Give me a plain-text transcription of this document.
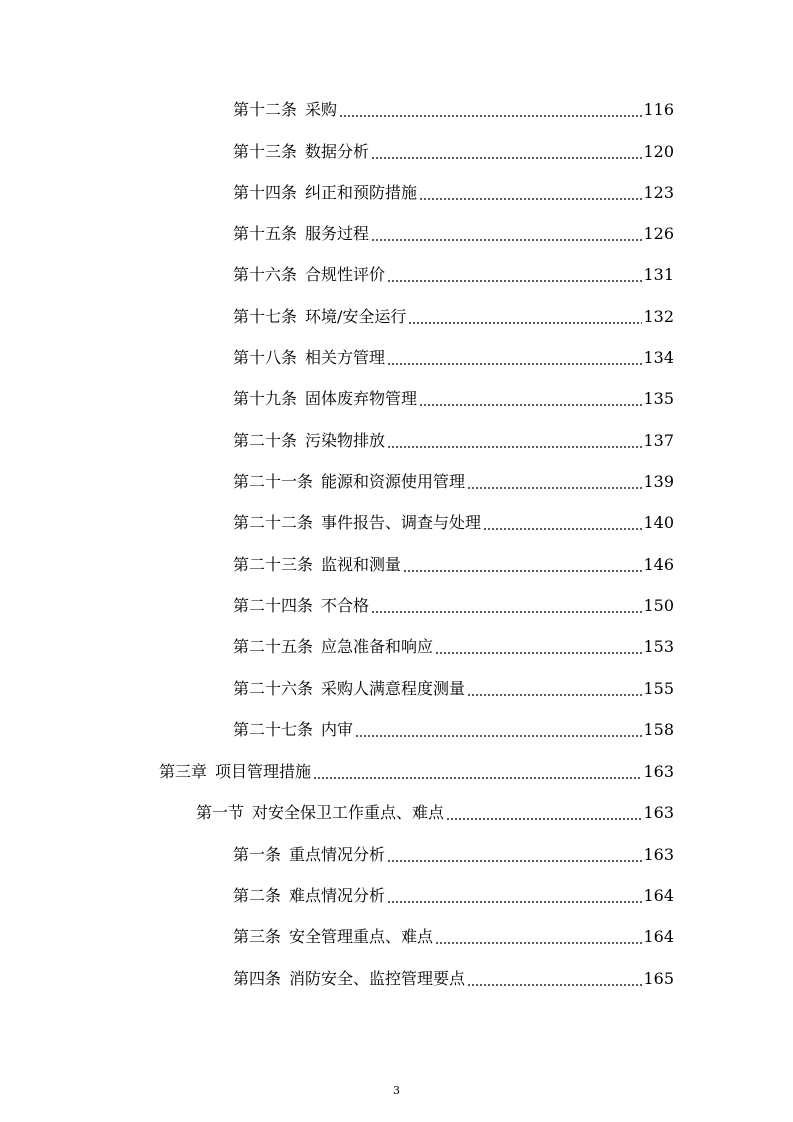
第十二条 采购	116
第十三条 数据分析	120
第十四条 纠正和预防措施	123
第十五条 服务过程	126
第十六条 合规性评价	131
第十七条 环境/安全运行	132
第十八条 相关方管理	134
第十九条 固体废弃物管理	135
第二十条 污染物排放	137
第二十一条 能源和资源使用管理	139
第二十二条 事件报告、调查与处理	140
第二十三条 监视和测量	146
第二十四条 不合格	150
第二十五条 应急准备和响应	153
第二十六条 采购人满意程度测量	155
第二十七条 内审	158
第三章 项目管理措施	163
第一节 对安全保卫工作重点、难点	163
第一条 重点情况分析	163
第二条 难点情况分析	164
第三条 安全管理重点、难点	164
第四条 消防安全、监控管理要点	165
3
